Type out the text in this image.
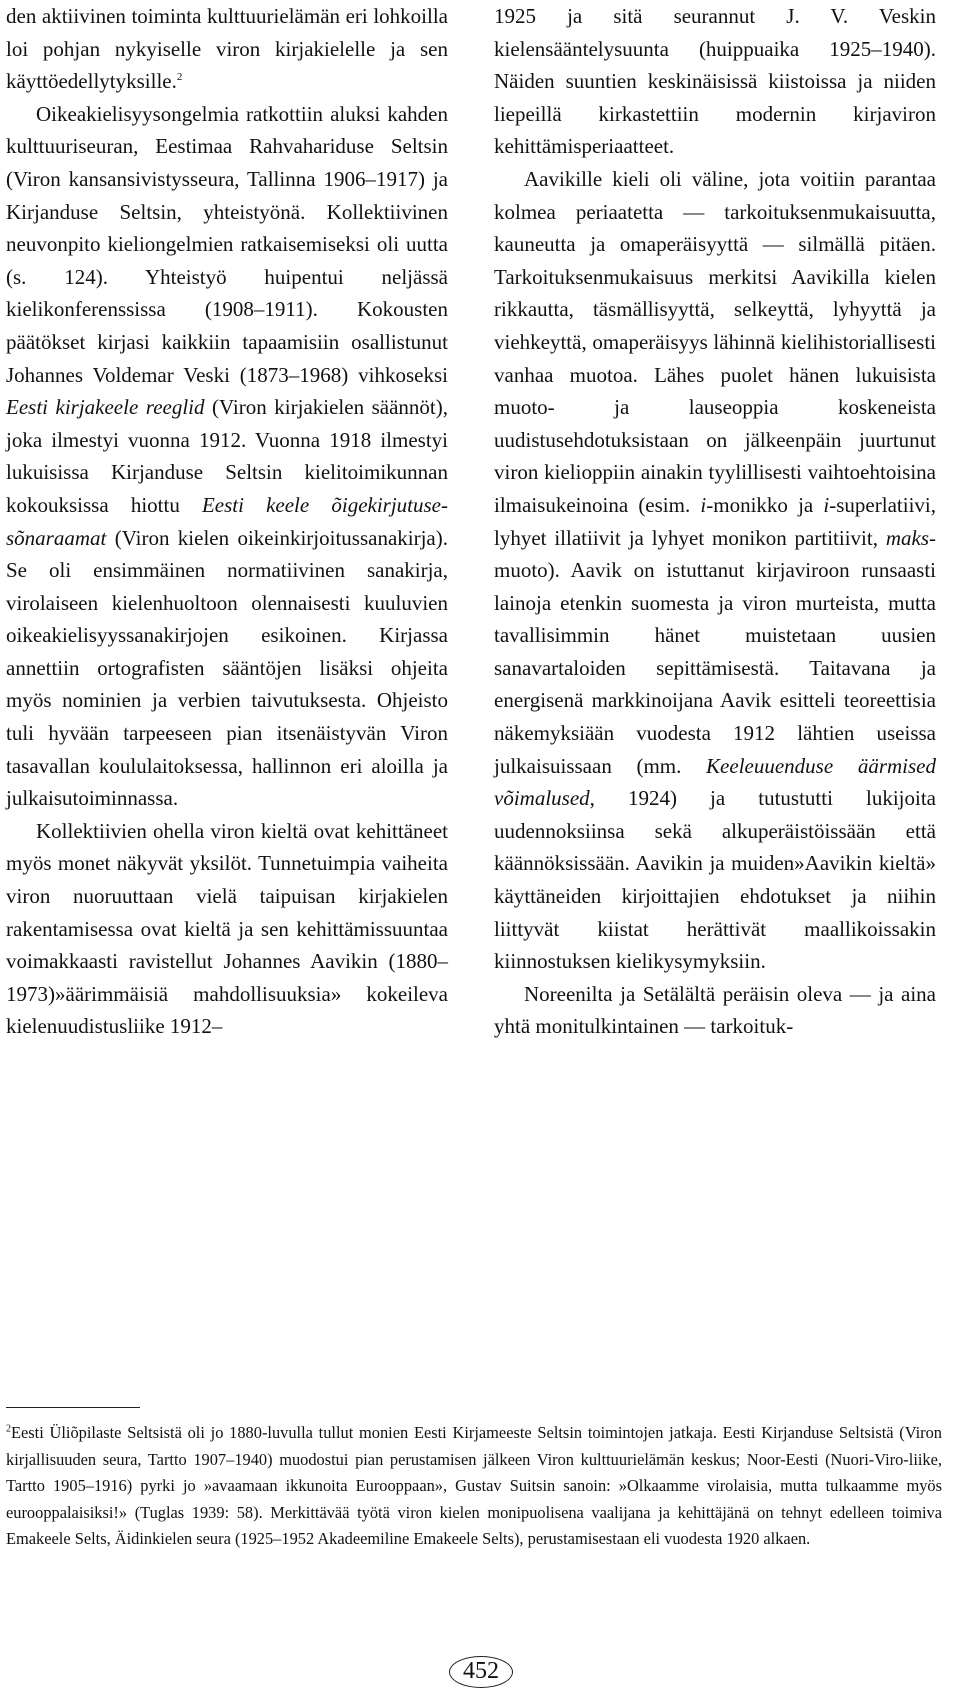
den aktiivinen toiminta kulttuurielämän eri lohkoilla loi pohjan nykyiselle viron kirjakielelle ja sen käyttöedellytyksille.$^2$

Oikeakielisyysongelmia ratkottiin aluksi kahden kulttuuriseuran, Eestimaa Rahvahariduse Seltsin (Viron kansansivistysseura, Tallinna 1906–1917) ja Kirjanduse Seltsin, yhteistyönä. Kollektiivinen neuvonpito kieliongelmien ratkaisemiseksi oli uutta (s. 124). Yhteistyö huipentui neljässä kielikonferenssissa (1908–1911). Kokousten päätökset kirjasi kaikkiin tapaamisiin osallistunut Johannes Voldemar Veski (1873–1968) vihkoseksi Eesti kirjakeele reeglid (Viron kirjakielen säännöt), joka ilmestyi vuonna 1912. Vuonna 1918 ilmestyi lukuisissa Kirjanduse Seltsin kielitoimikunnan kokouksissa hiottu Eesti keele õigekirjutuse-sõnaraamat (Viron kielen oikeinkirjoitussanakirja). Se oli ensimmäinen normatiivinen sanakirja, virolaiseen kielenhuoltoon olennaisesti kuuluvien oikeakielisyyssanakirjojen esikoinen. Kirjassa annettiin ortografisten sääntöjen lisäksi ohjeita myös nominien ja verbien taivutuksesta. Ohjeisto tuli hyvään tarpeeseen pian itsenäistyvän Viron tasavallan koululaitoksessa, hallinnon eri aloilla ja julkaisutoiminnassa.

Kollektiivien ohella viron kieltä ovat kehittäneet myös monet näkyvät yksilöt. Tunnetuimpia vaiheita viron nuoruuttaan vielä taipuisan kirjakielen rakentamisessa ovat kieltä ja sen kehittämissuuntaa voimakkaasti ravistellut Johannes Aavikin (1880–1973)»äärimmäisiä mahdollisuuksia» kokeileva kielenuudistusliike 1912–

1925 ja sitä seurannut J. V. Veskin kielensääntelysuunta (huippuaika 1925–1940). Näiden suuntien keskinäisissä kiistoissa ja niiden liepeillä kirkastettiin modernin kirjaviron kehittämisperiaatteet.

Aavikille kieli oli väline, jota voitiin parantaa kolmea periaatetta — tarkoituksenmukaisuutta, kauneutta ja omaperäisyyttä — silmällä pitäen. Tarkoituksenmukaisuus merkitsi Aavikilla kielen rikkautta, täsmällisyyttä, selkeyttä, lyhyyttä ja viehkeyttä, omaperäisyys lähinnä kielihistoriallisesti vanhaa muotoa. Lähes puolet hänen lukuisista muoto- ja lauseoppia koskeneista uudistusehdotuksistaan on jälkeenpäin juurtunut viron kielioppiin ainakin tyylillisesti vaihtoehtoisina ilmaisukeinoina (esim. i-monikko ja i-superlatiivi, lyhyet illatiivit ja lyhyet monikon partitiivit, maks-muoto). Aavik on istuttanut kirjaviroon runsaasti lainoja etenkin suomesta ja viron murteista, mutta tavallisimmin hänet muistetaan uusien sanavartaloiden sepittämisestä. Taitavana ja energisenä markkinoijana Aavik esitteli teoreettisia näkemyksiään vuodesta 1912 lähtien useissa julkaisuissaan (mm. Keeleuuenduse äärmised võimalused, 1924) ja tutustutti lukijoita uudennoksiinsa sekä alkuperäistöissään että käännöksissään. Aavikin ja muiden»Aavikin kieltä» käyttäneiden kirjoittajien ehdotukset ja niihin liittyvät kiistat herättivät maallikoissakin kiinnostuksen kielikysymyksiin.

Noreenilta ja Setälältä peräisin oleva — ja aina yhtä monitulkintainen — tarkoituk-

$^2$Eesti Üliõpilaste Seltsistä oli jo 1880-luvulla tullut monien Eesti Kirjameeste Seltsin toimintojen jatkaja. Eesti Kirjanduse Seltsistä (Viron kirjallisuuden seura, Tartto 1907–1940) muodostui pian perustamisen jälkeen Viron kulttuurielämän keskus; Noor-Eesti (Nuori-Viro-liike, Tartto 1905–1916) pyrki jo »avaamaan ikkunoita Eurooppaan», Gustav Suitsin sanoin: »Olkaamme virolaisia, mutta tulkaamme myös eurooppalaisiksi!» (Tuglas 1939: 58). Merkittävää työtä viron kielen monipuolisena vaalijana ja kehittäjänä on tehnyt edelleen toimiva Emakeele Selts, Äidinkielen seura (1925–1952 Akadeemiline Emakeele Selts), perustamisestaan eli vuodesta 1920 alkaen.
452
